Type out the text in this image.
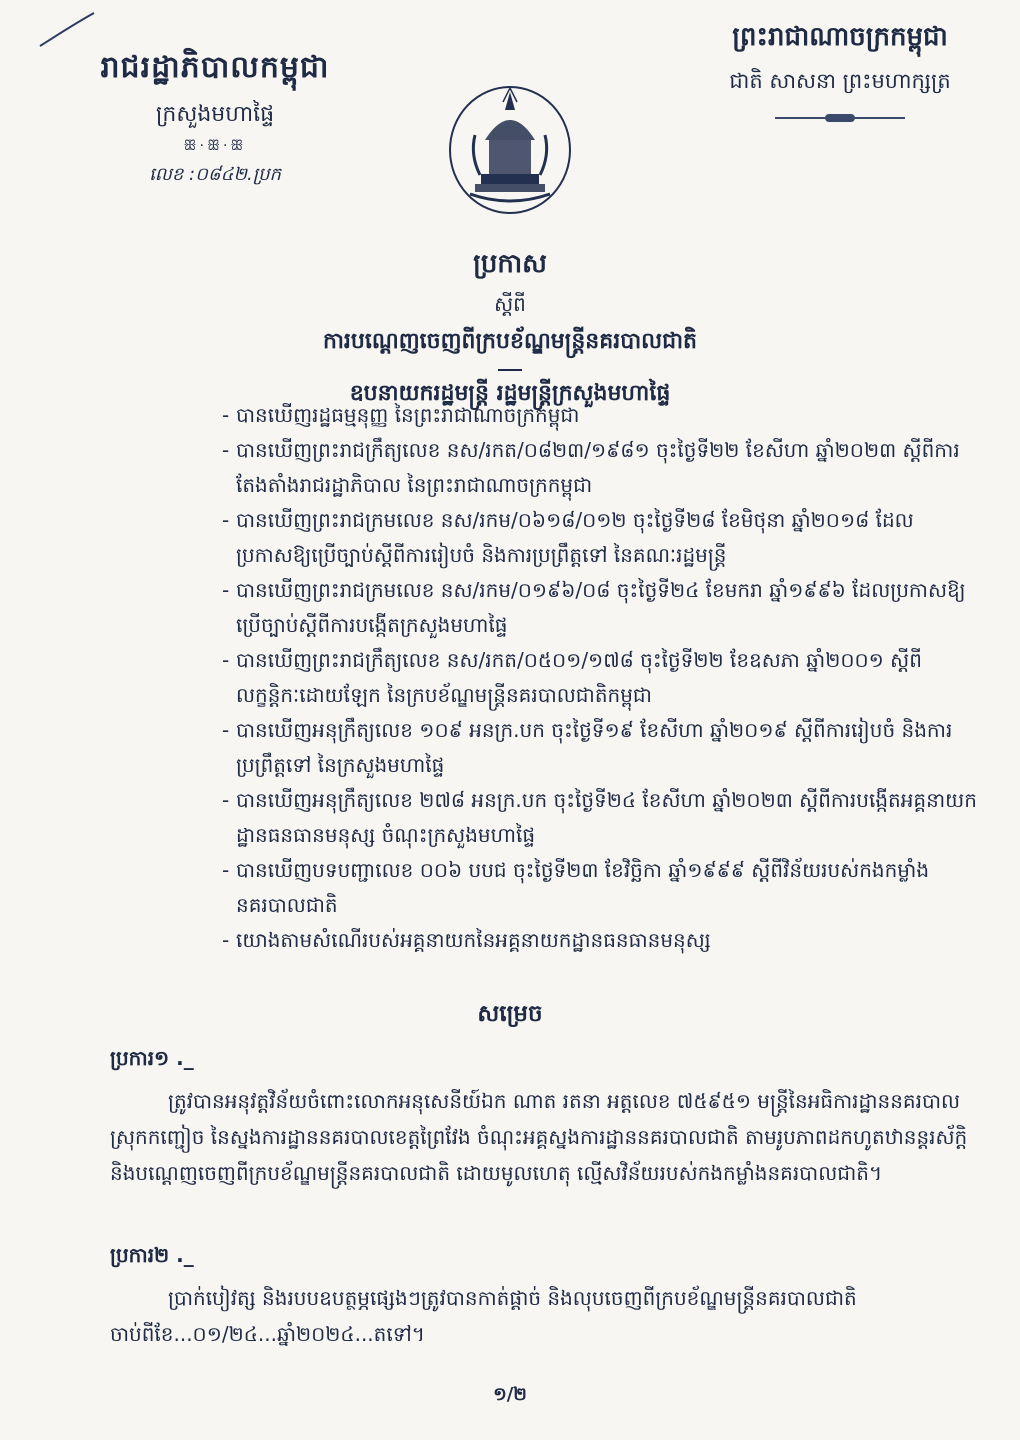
រាជរដ្ឋាភិបាលកម្ពុជា
ក្រសួងមហាផ្ទៃ
ꕥ·ꕥ·ꕥ
លេខ :០៨៤២.ប្រក
ព្រះរាជាណាចក្រកម្ពុជា
ជាតិ សាសនា ព្រះមហាក្សត្រ
ប្រកាស
ស្តីពី
ការបណ្តេញចេញពីក្របខ័ណ្ឌមន្ត្រីនគរបាលជាតិ
ឧបនាយករដ្ឋមន្ត្រី រដ្ឋមន្ត្រីក្រសួងមហាផ្ទៃ
- បានឃើញរដ្ឋធម្មនុញ្ញ នៃព្រះរាជាណាចក្រកម្ពុជា
- បានឃើញព្រះរាជក្រឹត្យលេខ នស/រកត/០៨២៣/១៩៨១ ចុះថ្ងៃទី២២ ខែសីហា ឆ្នាំ២០២៣ ស្តីពីការតែងតាំងរាជរដ្ឋាភិបាល នៃព្រះរាជាណាចក្រកម្ពុជា
- បានឃើញព្រះរាជក្រមលេខ នស/រកម/០៦១៨/០១២ ចុះថ្ងៃទី២៨ ខែមិថុនា ឆ្នាំ២០១៨ ដែលប្រកាសឱ្យប្រើច្បាប់ស្តីពីការរៀបចំ និងការប្រព្រឹត្តទៅ នៃគណៈរដ្ឋមន្ត្រី
- បានឃើញព្រះរាជក្រមលេខ នស/រកម/០១៩៦/០៨ ចុះថ្ងៃទី២៤ ខែមករា ឆ្នាំ១៩៩៦ ដែលប្រកាសឱ្យប្រើច្បាប់ស្តីពីការបង្កើតក្រសួងមហាផ្ទៃ
- បានឃើញព្រះរាជក្រឹត្យលេខ នស/រកត/០៥០១/១៧៨ ចុះថ្ងៃទី២២ ខែឧសភា ឆ្នាំ២០០១ ស្តីពីលក្ខន្តិកៈដោយឡែក នៃក្របខ័ណ្ឌមន្ត្រីនគរបាលជាតិកម្ពុជា
- បានឃើញអនុក្រឹត្យលេខ ១០៩ អនក្រ.បក ចុះថ្ងៃទី១៩ ខែសីហា ឆ្នាំ២០១៩ ស្តីពីការរៀបចំ និងការប្រព្រឹត្តទៅ នៃក្រសួងមហាផ្ទៃ
- បានឃើញអនុក្រឹត្យលេខ ២៧៨ អនក្រ.បក ចុះថ្ងៃទី២៤ ខែសីហា ឆ្នាំ២០២៣ ស្តីពីការបង្កើតអគ្គនាយកដ្ឋានធនធានមនុស្ស ចំណុះក្រសួងមហាផ្ទៃ
- បានឃើញបទបញ្ជាលេខ ០០៦ បបជ ចុះថ្ងៃទី២៣ ខែវិច្ឆិកា ឆ្នាំ១៩៩៩ ស្តីពីវិន័យរបស់កងកម្លាំងនគរបាលជាតិ
- យោងតាមសំណើរបស់អគ្គនាយកនៃអគ្គនាយកដ្ឋានធនធានមនុស្ស
សម្រេច
ប្រការ១ ._
ត្រូវបានអនុវត្តវិន័យចំពោះលោកអនុសេនីយ៍ឯក ណាត រតនា អត្តលេខ ៧៥៩៥១ មន្ត្រីនៃអធិការដ្ឋាននគរបាលស្រុកកញ្ជៀច នៃស្នងការដ្ឋាននគរបាលខេត្តព្រៃវែង ចំណុះអគ្គស្នងការដ្ឋាននគរបាលជាតិ តាមរូបភាពដកហូតឋានន្តរស័ក្តិ និងបណ្តេញចេញពីក្របខ័ណ្ឌមន្ត្រីនគរបាលជាតិ ដោយមូលហេតុ ល្មើសវិន័យរបស់កងកម្លាំងនគរបាលជាតិ។
ប្រការ២ ._
ប្រាក់បៀវត្ស និងរបបឧបត្ថម្ភផ្សេងៗត្រូវបានកាត់ផ្តាច់ និងលុបចេញពីក្របខ័ណ្ឌមន្ត្រីនគរបាលជាតិ ចាប់ពីខែ...០១/២៤...ឆ្នាំ២០២៤...តទៅ។
១/២
